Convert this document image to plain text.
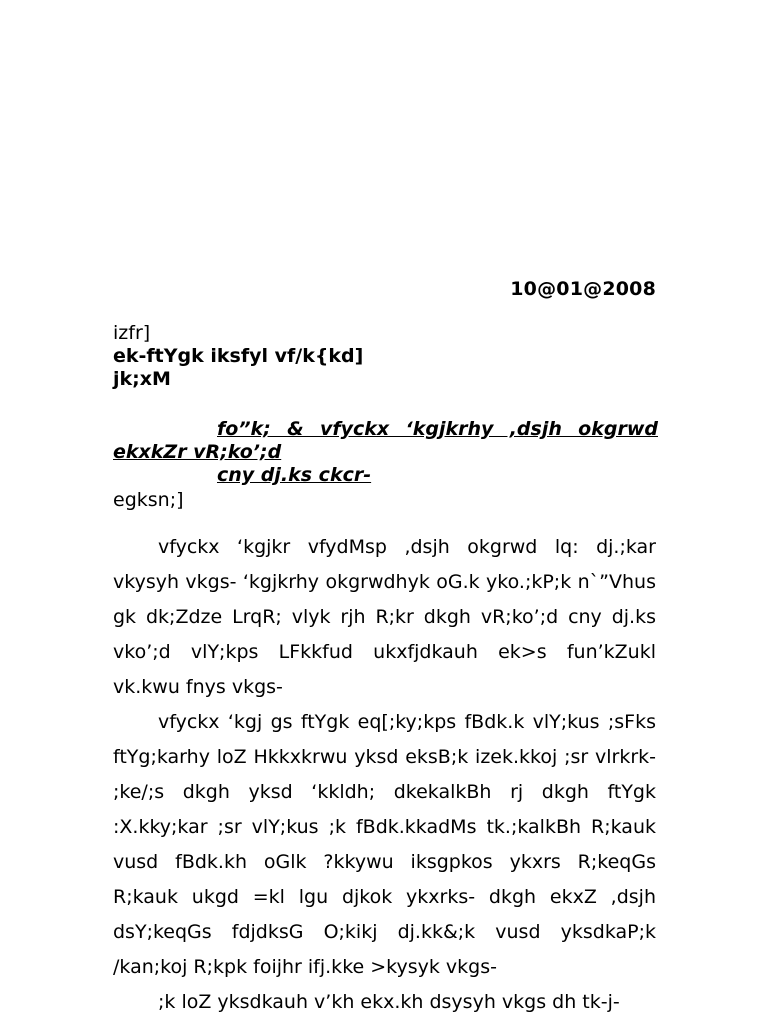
10@01@2008
izfr]
ek-ftYgk iksfyl vf/k{kd]
jk;xM
fo”k; & vfyckx ‘kgjkrhy ,dsjh okgrwd
ekxkZr vR;ko’;d
cny dj.ks ckcr-
egksn;]

vfyckx ‘kgjkr vfydMsp ,dsjh okgrwd lq: dj.;kar vkysyh vkgs- ‘kgjkrhy okgrwdhyk oG.k yko.;kP;k n`”Vhus gk dk;Zdze LrqR; vlyk rjh R;kr dkgh vR;ko’;d cny dj.ks vko’;d vlY;kps LFkkfud ukxfjdkauh ek>s fun’kZukl vk.kwu fnys vkgs-

vfyckx ‘kgj gs ftYgk eq[;ky;kps fBdk.k vlY;kus ;sFks ftYg;karhy loZ Hkkxkrwu yksd eksB;k izek.kkoj ;sr vlrkrk- ;ke/;s dkgh yksd ‘kkldh; dkekalkBh rj dkgh ftYgk :X.kky;kar ;sr vlY;kus ;k fBdk.kkadMs tk.;kalkBh R;kauk vusd fBdk.kh oGlk ?kkywu iksgpkos ykxrs R;keqGs R;kauk ukgd =kl lgu djkok ykxrks- dkgh ekxZ ,dsjh dsY;keqGs fdjdksG O;kikj dj.kk&;k vusd yksdkaP;k /kan;koj R;kpk foijhr ifj.kke >kysyk vkgs-

;k loZ yksdkauh v’kh ekx.kh dsysyh vkgs dh tk-j-
